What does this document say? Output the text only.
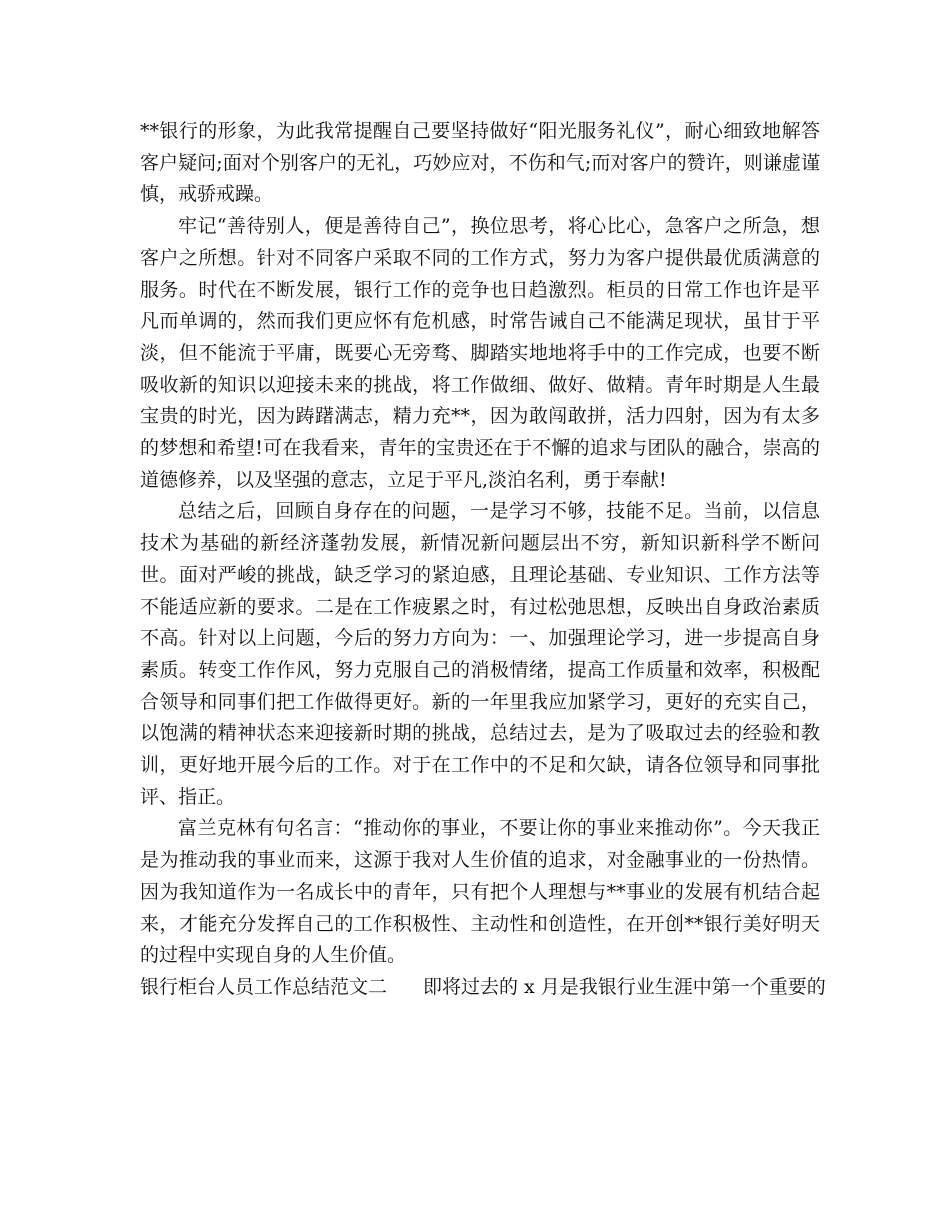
**银行的形象，为此我常提醒自己要坚持做好“阳光服务礼仪”，耐心细致地解答客户疑问;面对个别客户的无礼，巧妙应对，不伤和气;而对客户的赞许，则谦虚谨慎，戒骄戒躁。

牢记“善待别人，便是善待自己”，换位思考，将心比心，急客户之所急，想客户之所想。针对不同客户采取不同的工作方式，努力为客户提供最优质满意的服务。时代在不断发展，银行工作的竞争也日趋激烈。柜员的日常工作也许是平凡而单调的，然而我们更应怀有危机感，时常告诫自己不能满足现状，虽甘于平淡，但不能流于平庸，既要心无旁骛、脚踏实地地将手中的工作完成，也要不断吸收新的知识以迎接未来的挑战，将工作做细、做好、做精。青年时期是人生最宝贵的时光，因为踌躇满志，精力充**，因为敢闯敢拼，活力四射，因为有太多的梦想和希望!可在我看来，青年的宝贵还在于不懈的追求与团队的融合，崇高的道德修养，以及坚强的意志，立足于平凡,淡泊名利，勇于奉献!

总结之后，回顾自身存在的问题，一是学习不够，技能不足。当前，以信息技术为基础的新经济蓬勃发展，新情况新问题层出不穷，新知识新科学不断问世。面对严峻的挑战，缺乏学习的紧迫感，且理论基础、专业知识、工作方法等不能适应新的要求。二是在工作疲累之时，有过松弛思想，反映出自身政治素质不高。针对以上问题，今后的努力方向为：一、加强理论学习，进一步提高自身素质。转变工作作风，努力克服自己的消极情绪，提高工作质量和效率，积极配合领导和同事们把工作做得更好。新的一年里我应加紧学习，更好的充实自己，以饱满的精神状态来迎接新时期的挑战，总结过去，是为了吸取过去的经验和教训，更好地开展今后的工作。对于在工作中的不足和欠缺，请各位领导和同事批评、指正。

富兰克林有句名言：“推动你的事业，不要让你的事业来推动你”。今天我正是为推动我的事业而来，这源于我对人生价值的追求，对金融事业的一份热情。因为我知道作为一名成长中的青年，只有把个人理想与**事业的发展有机结合起来，才能充分发挥自己的工作积极性、主动性和创造性，在开创**银行美好明天的过程中实现自身的人生价值。

银行柜台人员工作总结范文二 即将过去的 x 月是我银行业生涯中第一个重要的
